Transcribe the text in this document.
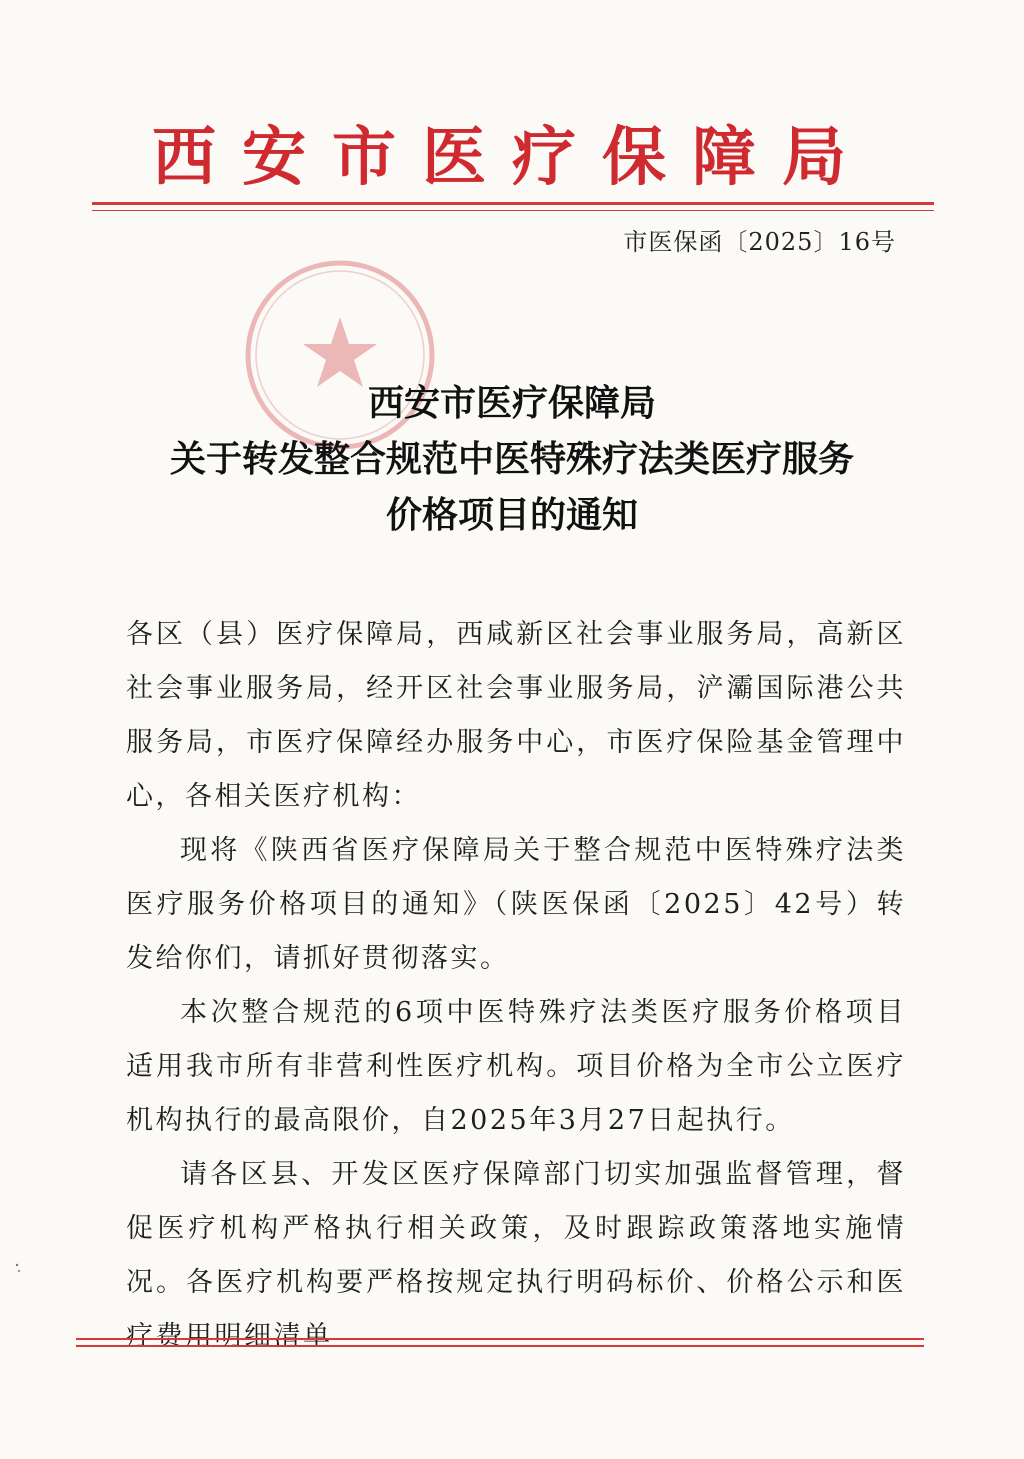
西安市医疗保障局
市医保函〔2025〕16号
西安市医疗保障局
关于转发整合规范中医特殊疗法类医疗服务
价格项目的通知

各区（县）医疗保障局，西咸新区社会事业服务局，高新区社会事业服务局，经开区社会事业服务局，浐灞国际港公共服务局，市医疗保障经办服务中心，市医疗保险基金管理中心，各相关医疗机构：

现将《陕西省医疗保障局关于整合规范中医特殊疗法类医疗服务价格项目的通知》（陕医保函〔2025〕42号）转发给你们，请抓好贯彻落实。

本次整合规范的6项中医特殊疗法类医疗服务价格项目适用我市所有非营利性医疗机构。项目价格为全市公立医疗机构执行的最高限价，自2025年3月27日起执行。

请各区县、开发区医疗保障部门切实加强监督管理，督促医疗机构严格执行相关政策，及时跟踪政策落地实施情况。各医疗机构要严格按规定执行明码标价、价格公示和医疗费用明细清单
